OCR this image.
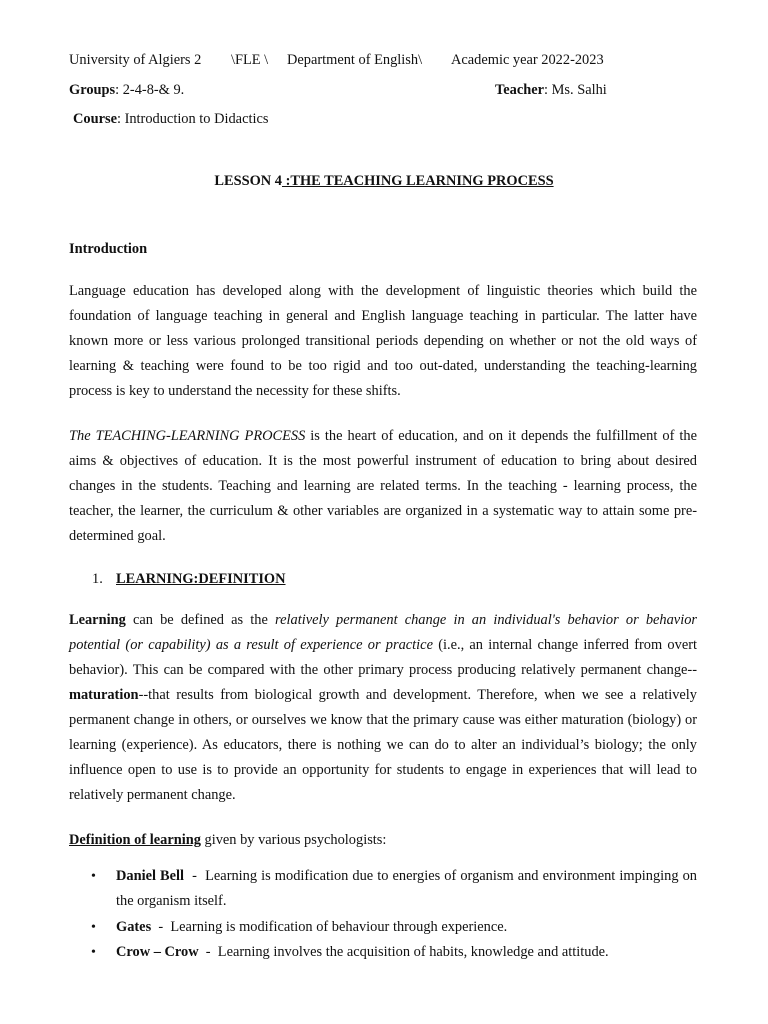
University of Algiers 2 \FLE \ Department of English\ Academic year 2022-2023
Groups: 2-4-8-& 9.	Teacher: Ms. Salhi
Course: Introduction to Didactics
LESSON 4 :THE TEACHING LEARNING PROCESS
Introduction

Language education has developed along with the development of linguistic theories which build the foundation of language teaching in general and English language teaching in particular. The latter have known more or less various prolonged transitional periods depending on whether or not the old ways of learning & teaching were found to be too rigid and too out-dated, understanding the teaching-learning process is key to understand the necessity for these shifts.

The TEACHING-LEARNING PROCESS is the heart of education, and on it depends the fulfillment of the aims & objectives of education. It is the most powerful instrument of education to bring about desired changes in the students. Teaching and learning are related terms. In the teaching - learning process, the teacher, the learner, the curriculum & other variables are organized in a systematic way to attain some pre-determined goal.

1. LEARNING:DEFINITION

Learning can be defined as the relatively permanent change in an individual's behavior or behavior potential (or capability) as a result of experience or practice (i.e., an internal change inferred from overt behavior). This can be compared with the other primary process producing relatively permanent change--maturation--that results from biological growth and development. Therefore, when we see a relatively permanent change in others, or ourselves we know that the primary cause was either maturation (biology) or learning (experience). As educators, there is nothing we can do to alter an individual’s biology; the only influence open to use is to provide an opportunity for students to engage in experiences that will lead to relatively permanent change.

Definition of learning given by various psychologists:
• Daniel Bell  -  Learning is modification due to energies of organism and environment impinging on the organism itself.
• Gates  -  Learning is modification of behaviour through experience.
• Crow – Crow  -  Learning involves the acquisition of habits, knowledge and attitude.
